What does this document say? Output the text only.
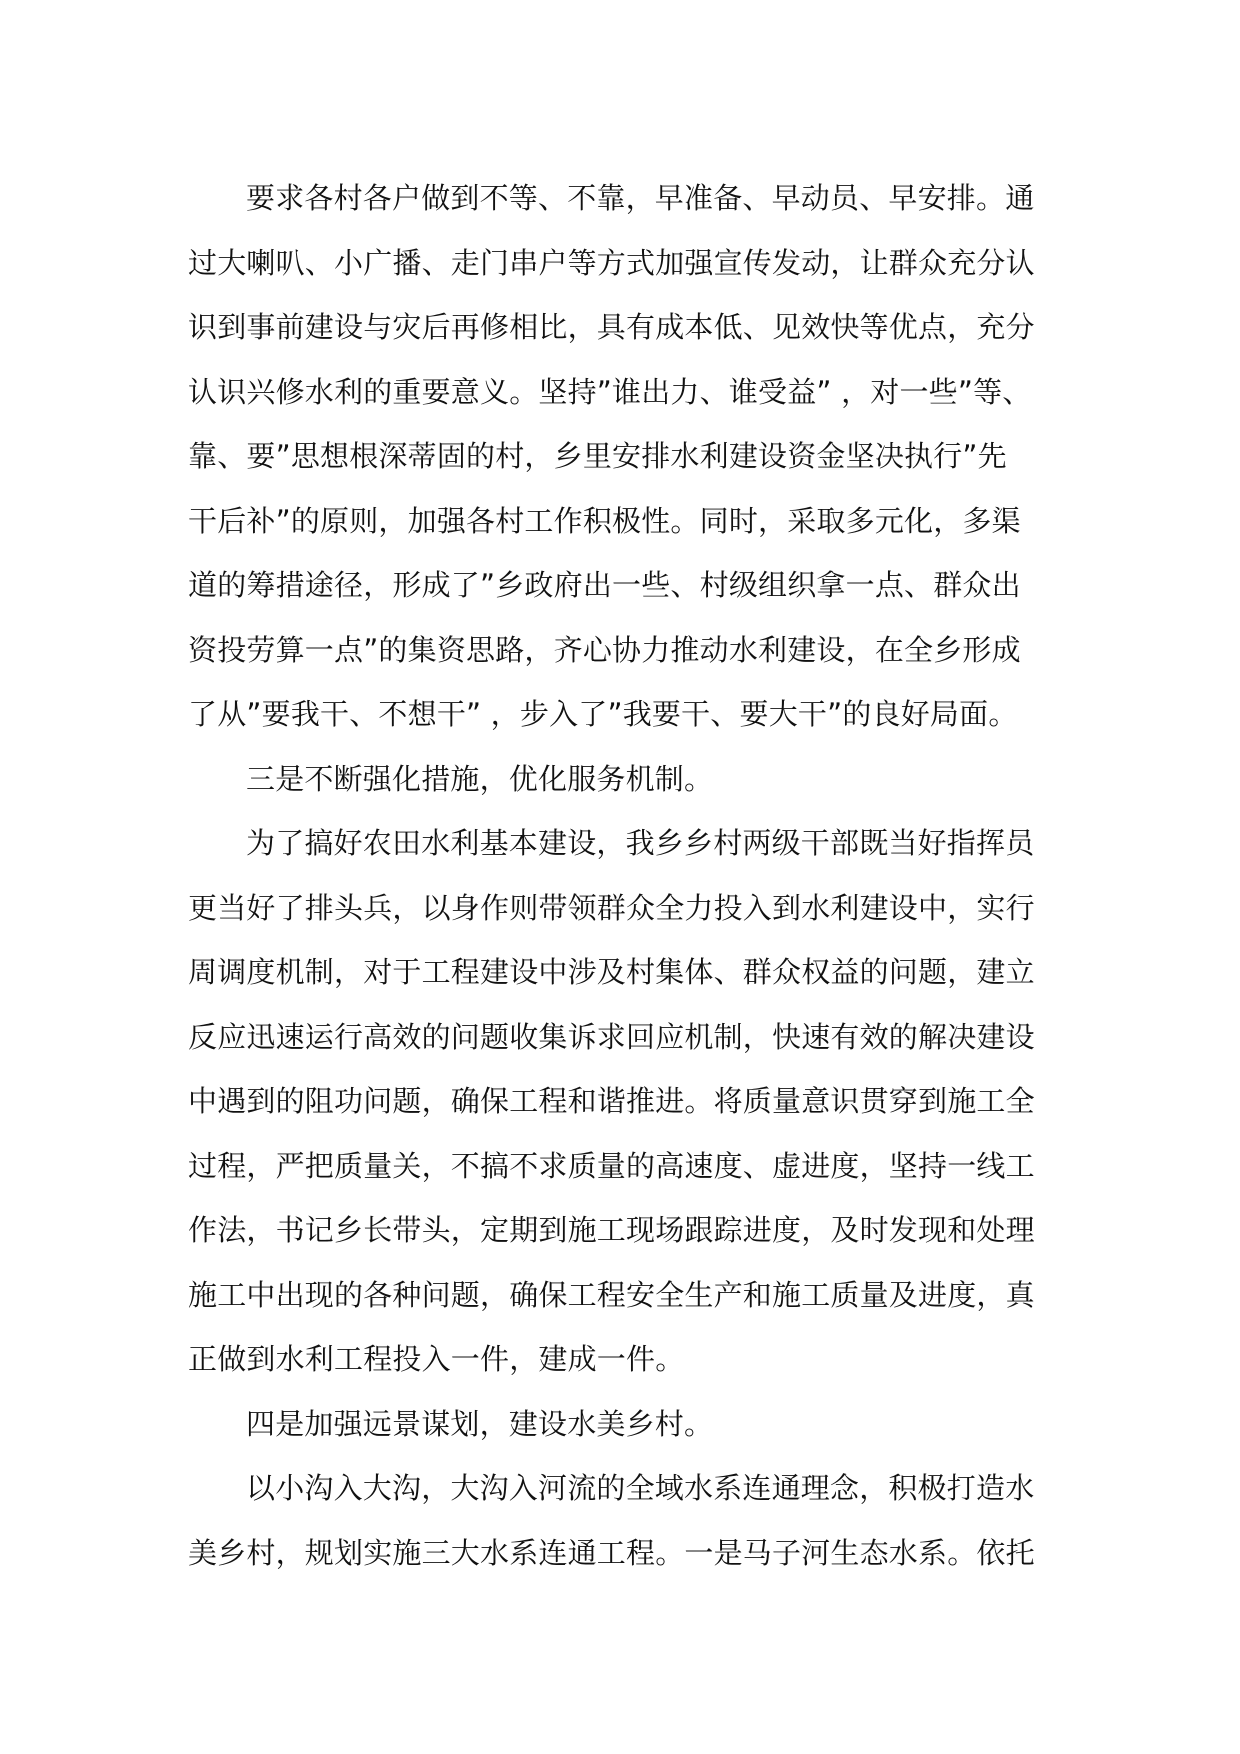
要求各村各户做到不等、不靠，早准备、早动员、早安排。通
过大喇叭、小广播、走门串户等方式加强宣传发动，让群众充分认
识到事前建设与灾后再修相比，具有成本低、见效快等优点，充分
认识兴修水利的重要意义。坚持”谁出力、谁受益” ，对一些”等、
靠、要”思想根深蒂固的村，乡里安排水利建设资金坚决执行”先
干后补”的原则，加强各村工作积极性。同时，采取多元化，多渠
道的筹措途径，形成了”乡政府出一些、村级组织拿一点、群众出
资投劳算一点”的集资思路，齐心协力推动水利建设，在全乡形成
了从”要我干、不想干” ，步入了”我要干、要大干”的良好局面。
三是不断强化措施，优化服务机制。
为了搞好农田水利基本建设，我乡乡村两级干部既当好指挥员
更当好了排头兵，以身作则带领群众全力投入到水利建设中，实行
周调度机制，对于工程建设中涉及村集体、群众权益的问题，建立
反应迅速运行高效的问题收集诉求回应机制，快速有效的解决建设
中遇到的阻功问题，确保工程和谐推进。将质量意识贯穿到施工全
过程，严把质量关，不搞不求质量的高速度、虚进度，坚持一线工
作法，书记乡长带头，定期到施工现场跟踪进度，及时发现和处理
施工中出现的各种问题，确保工程安全生产和施工质量及进度，真
正做到水利工程投入一件，建成一件。
四是加强远景谋划，建设水美乡村。
以小沟入大沟，大沟入河流的全域水系连通理念，积极打造水
美乡村，规划实施三大水系连通工程。一是马子河生态水系。依托
